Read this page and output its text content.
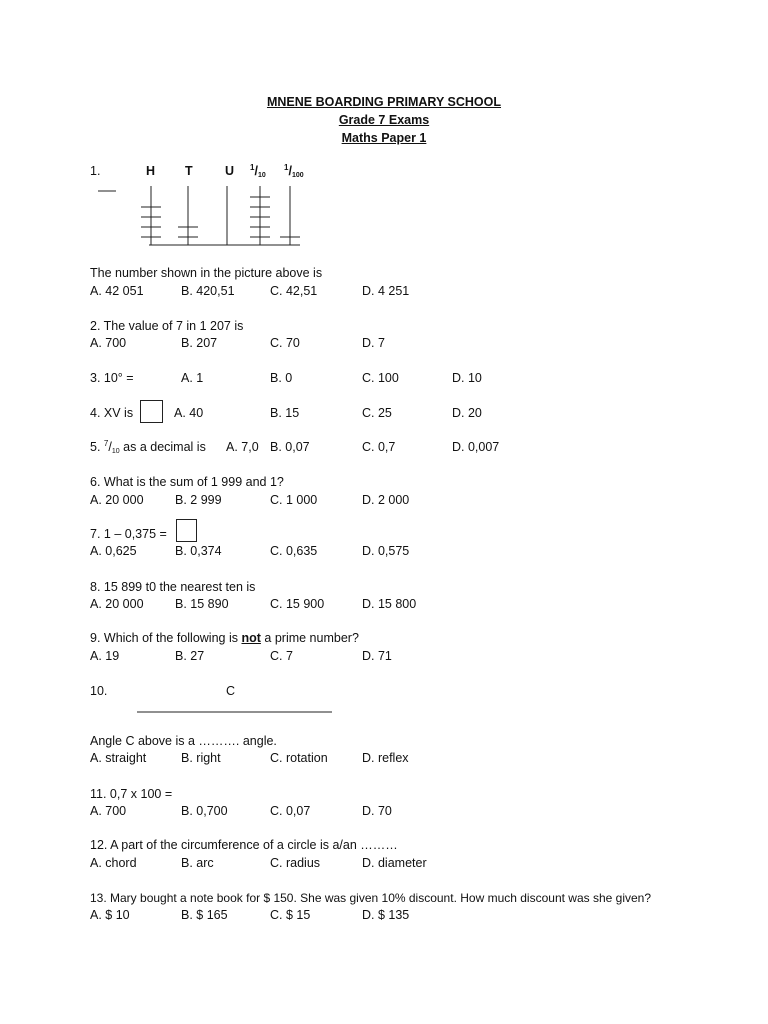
MNENE BOARDING PRIMARY SCHOOL
Grade 7 Exams
Maths Paper 1
1.	H T	U $^1$/10
$^1$/100
The number shown in the picture above is
A. 42 051	B. 420,51	C. 42,51	D. 4 251
2. The value of 7 in 1 207 is
A. 700	B. 207	C. 70	D. 7
3. 10° =	A. 1	B. 0	C. 100	D. 10
4. XV is	A. 40	B. 15	C. 25	D. 20
5. $^7$/10 as a decimal is A. 7,0 B. 0,07	C. 0,7	D. 0,007
6. What is the sum of 1 999 and 1?
A. 20 000	B. 2 999	C. 1 000	D. 2 000
7. 1 – 0,375 =
A. 0,625	B. 0,374	C. 0,635	D. 0,575
8. 15 899 t0 the nearest ten is
A. 20 000	B. 15 890	C. 15 900	D. 15 800
9. Which of the following is not a prime number?
A. 19	B. 27	C. 7	D. 71
10.	C
Angle C above is a ………. angle.
A. straight	B. right	C. rotation	D. reflex
11. 0,7 x 100 =
A. 700	B. 0,700	C. 0,07	D. 70
12. A part of the circumference of a circle is a/an ………
A. chord	B. arc	C. radius	D. diameter
13. Mary bought a note book for $ 150. She was given 10% discount. How much discount was she given?
A. $ 10	B. $ 165	C. $ 15	D. $ 135
